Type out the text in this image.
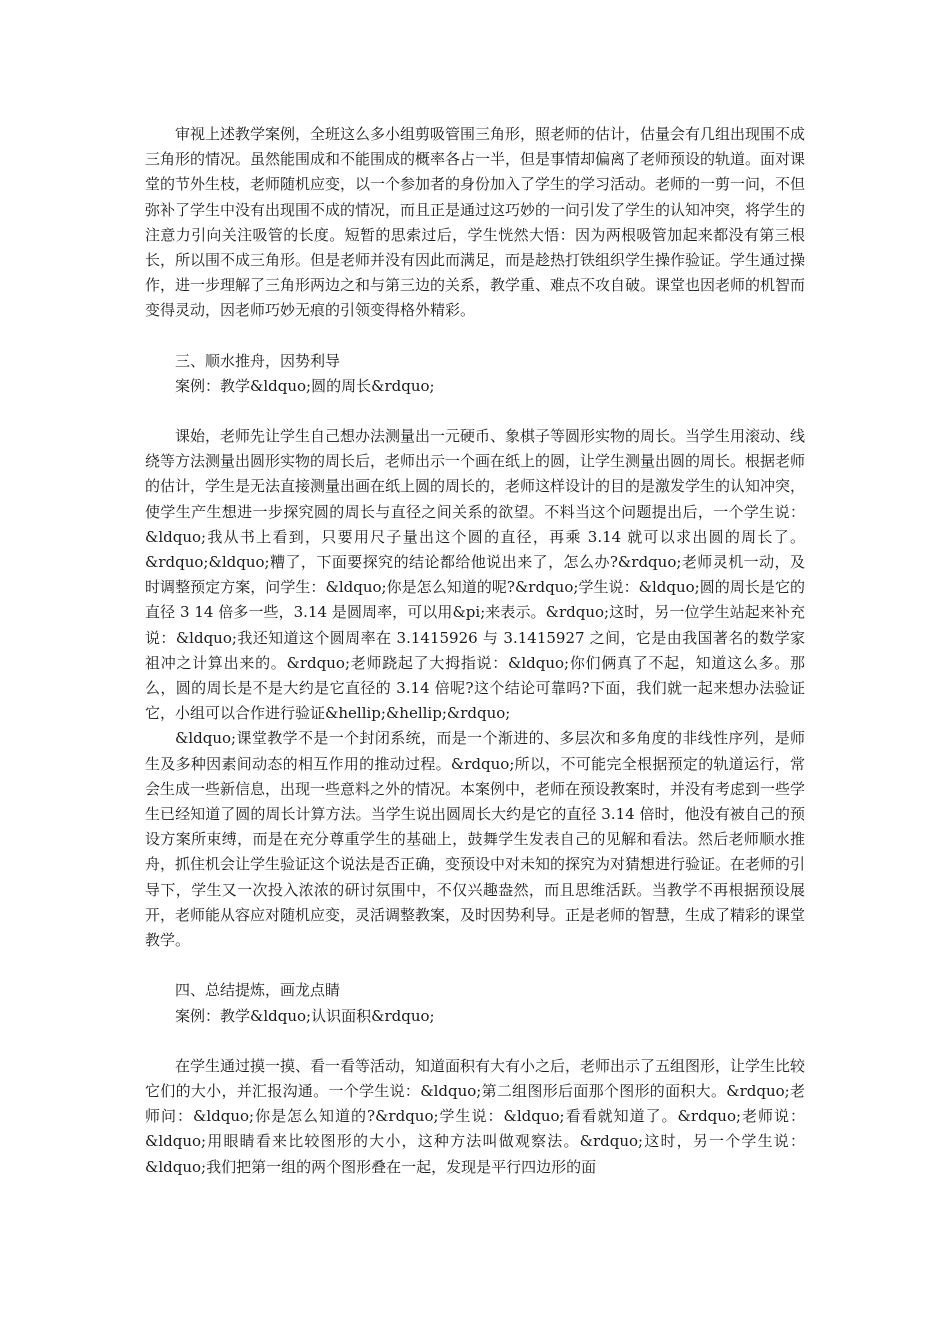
审视上述教学案例，全班这么多小组剪吸管围三角形，照老师的估计，估量会有几组出现围不成三角形的情况。虽然能围成和不能围成的概率各占一半，但是事情却偏离了老师预设的轨道。面对课堂的节外生枝，老师随机应变，以一个参加者的身份加入了学生的学习活动。老师的一剪一问，不但弥补了学生中没有出现围不成的情况，而且正是通过这巧妙的一问引发了学生的认知冲突，将学生的注意力引向关注吸管的长度。短暂的思索过后，学生恍然大悟：因为两根吸管加起来都没有第三根长，所以围不成三角形。但是老师并没有因此而满足，而是趁热打铁组织学生操作验证。学生通过操作，进一步理解了三角形两边之和与第三边的关系，教学重、难点不攻自破。课堂也因老师的机智而变得灵动，因老师巧妙无痕的引领变得格外精彩。

三、顺水推舟，因势利导

案例：教学&ldquo;圆的周长&rdquo;

课始，老师先让学生自己想办法测量出一元硬币、象棋子等圆形实物的周长。当学生用滚动、线绕等方法测量出圆形实物的周长后，老师出示一个画在纸上的圆，让学生测量出圆的周长。根据老师的估计，学生是无法直接测量出画在纸上圆的周长的，老师这样设计的目的是激发学生的认知冲突，使学生产生想进一步探究圆的周长与直径之间关系的欲望。不料当这个问题提出后，一个学生说：&ldquo;我从书上看到，只要用尺子量出这个圆的直径，再乘 3.14 就可以求出圆的周长了。&rdquo;&ldquo;糟了，下面要探究的结论都给他说出来了，怎么办?&rdquo;老师灵机一动，及时调整预定方案，问学生：&ldquo;你是怎么知道的呢?&rdquo;学生说：&ldquo;圆的周长是它的直径 3 14 倍多一些，3.14 是圆周率，可以用&pi;来表示。&rdquo;这时，另一位学生站起来补充说：&ldquo;我还知道这个圆周率在 3.1415926 与 3.1415927 之间，它是由我国著名的数学家祖冲之计算出来的。&rdquo;老师跷起了大拇指说：&ldquo;你们俩真了不起，知道这么多。那么，圆的周长是不是大约是它直径的 3.14 倍呢?这个结论可靠吗?下面，我们就一起来想办法验证它，小组可以合作进行验证&hellip;&hellip;&rdquo;

&ldquo;课堂教学不是一个封闭系统，而是一个渐进的、多层次和多角度的非线性序列，是师生及多种因素间动态的相互作用的推动过程。&rdquo;所以，不可能完全根据预定的轨道运行，常会生成一些新信息，出现一些意料之外的情况。本案例中，老师在预设教案时，并没有考虑到一些学生已经知道了圆的周长计算方法。当学生说出圆周长大约是它的直径 3.14 倍时，他没有被自己的预设方案所束缚，而是在充分尊重学生的基础上，鼓舞学生发表自己的见解和看法。然后老师顺水推舟，抓住机会让学生验证这个说法是否正确，变预设中对未知的探究为对猜想进行验证。在老师的引导下，学生又一次投入浓浓的研讨氛围中，不仅兴趣盎然，而且思维活跃。当教学不再根据预设展开，老师能从容应对随机应变，灵活调整教案，及时因势利导。正是老师的智慧，生成了精彩的课堂教学。

四、总结提炼，画龙点睛

案例：教学&ldquo;认识面积&rdquo;

在学生通过摸一摸、看一看等活动，知道面积有大有小之后，老师出示了五组图形，让学生比较它们的大小，并汇报沟通。一个学生说：&ldquo;第二组图形后面那个图形的面积大。&rdquo;老师问：&ldquo;你是怎么知道的?&rdquo;学生说：&ldquo;看看就知道了。&rdquo;老师说：&ldquo;用眼睛看来比较图形的大小，这种方法叫做观察法。&rdquo;这时，另一个学生说：&ldquo;我们把第一组的两个图形叠在一起，发现是平行四边形的面
